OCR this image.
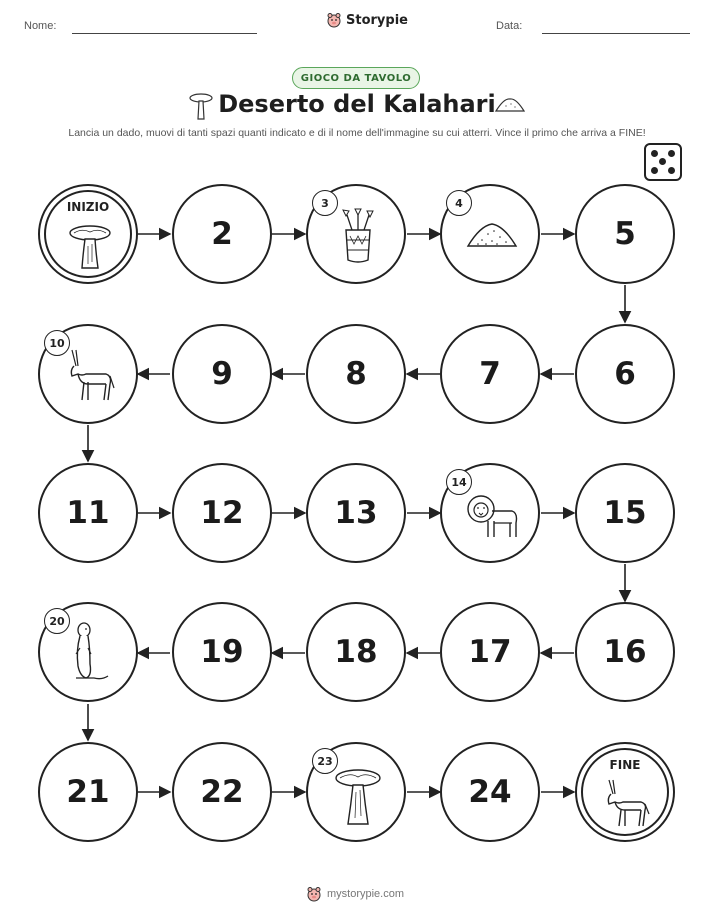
Nome:	Storypie	Data:
GIOCO DA TAVOLO
Deserto del Kalahari
Lancia un dado, muovi di tanti spazi quanti indicato e di il nome dell'immagine su cui atterri. Vince il primo che arriva a FINE!
INIZIO
2
3	4
5
10
9	8	7	6
11	12	13
14
15
20
19	18	17	16
21	22
23
24
FINE
mystorypie.com
